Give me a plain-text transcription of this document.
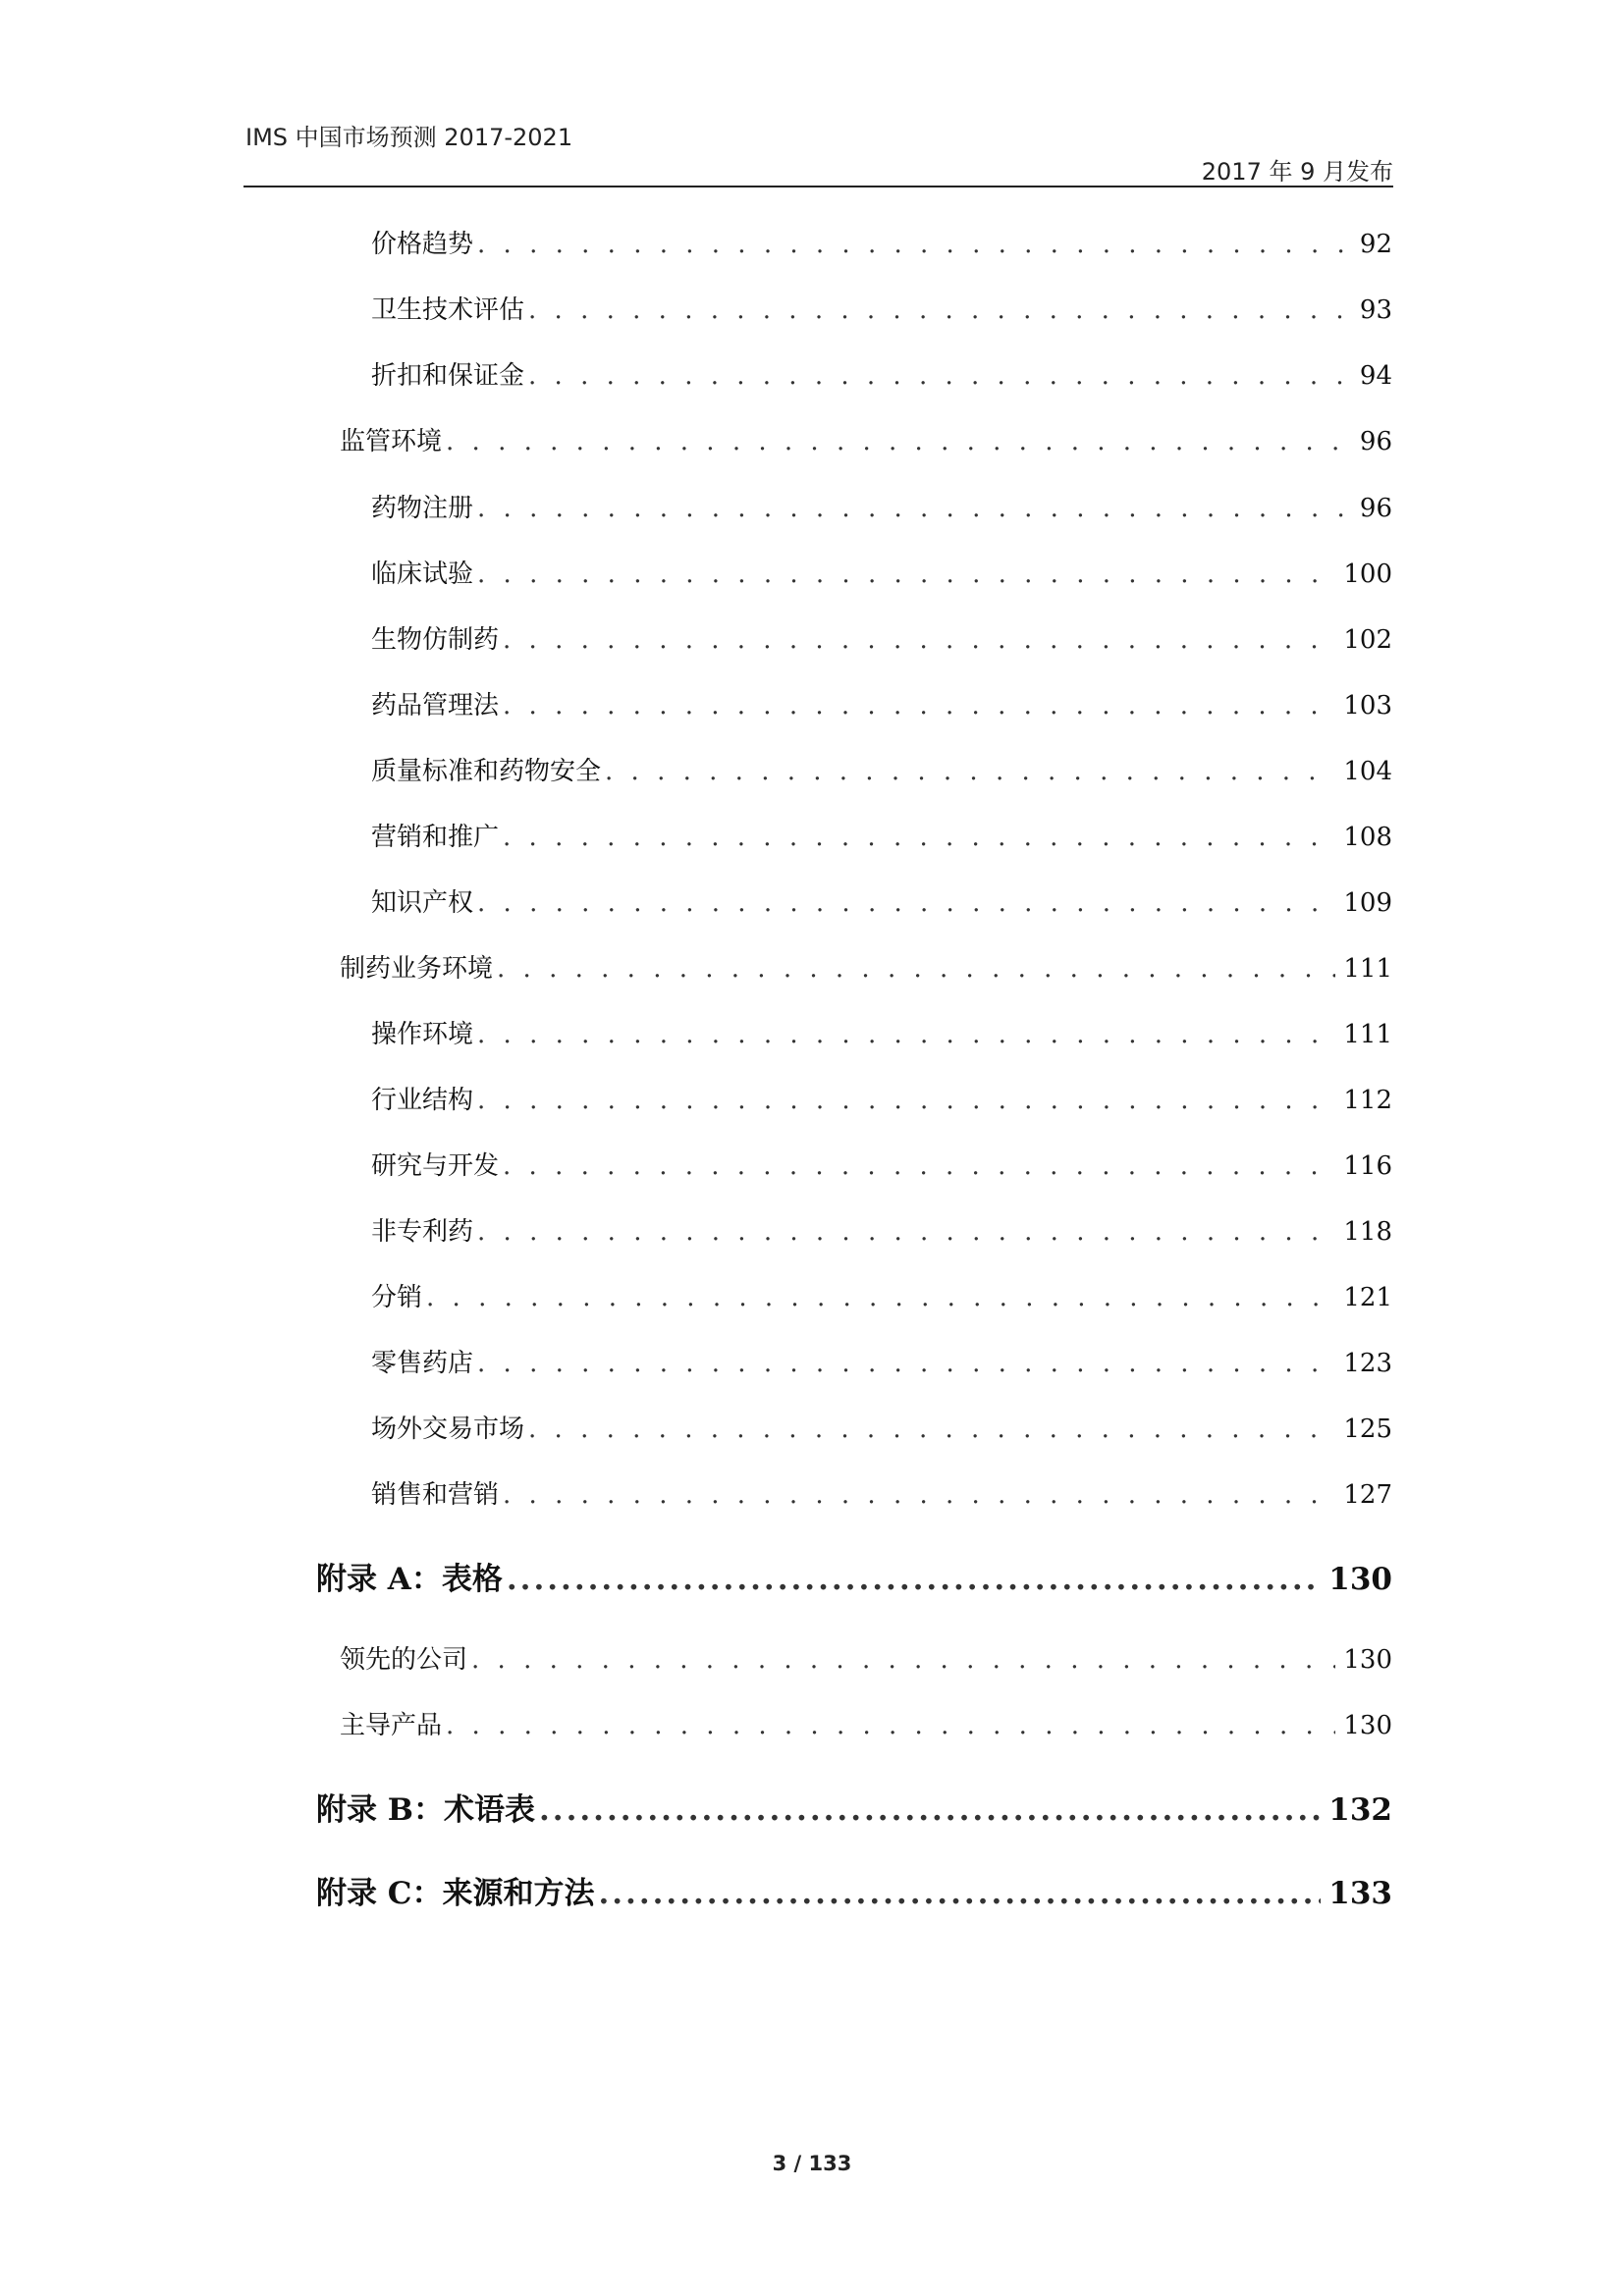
IMS 中国市场预测 2017-2021
2017 年 9 月发布
价格趋势 . . .	92
卫生技术评估 . . .	93
折扣和保证金 . . .	94
监管环境 . . .	96
药物注册 . . .	96
临床试验 . . .	100
生物仿制药 . . .	102
药品管理法 . . .	103
质量标准和药物安全 . . .	104
营销和推广 . . .	108
知识产权 . . .	109
制药业务环境 . . .	111
操作环境 . . .	111
行业结构 . . .	112
研究与开发 . . .	116
非专利药 . . .	118
分销 . . .	121
零售药店 . . .	123
场外交易市场 . . .	125
销售和营销 . . .	127
附录 A：表格 .....	130
领先的公司 . . .	130
主导产品 . . .	130
附录 B：术语表 .....	132
附录 C：来源和方法 .....	133
3 / 133
